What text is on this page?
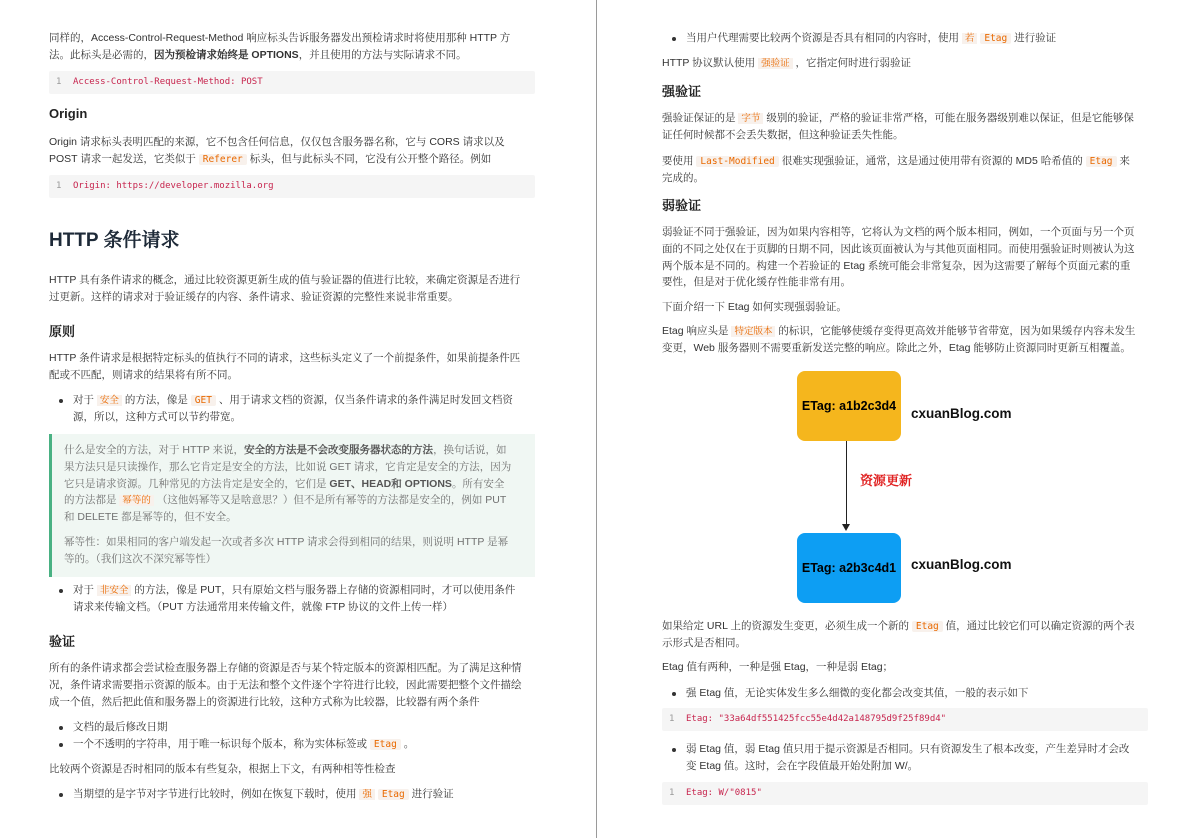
同样的，Access-Control-Request-Method 响应标头告诉服务器发出预检请求时将使用那种 HTTP 方
法。此标头是必需的，因为预检请求始终是 OPTIONS，并且使用的方法与实际请求不同。

1	Access-Control-Request-Method: POST
Origin

Origin 请求标头表明匹配的来源，它不包含任何信息，仅仅包含服务器名称，它与 CORS 请求以及
POST 请求一起发送，它类似于 Referer 标头，但与此标头不同，它没有公开整个路径。例如

1	Origin: https://developer.mozilla.org
HTTP 条件请求

HTTP 具有条件请求的概念，通过比较资源更新生成的值与验证器的值进行比较，来确定资源是否进行
过更新。这样的请求对于验证缓存的内容、条件请求、验证资源的完整性来说非常重要。

原则

HTTP 条件请求是根据特定标头的值执行不同的请求，这些标头定义了一个前提条件，如果前提条件匹
配或不匹配，则请求的结果将有所不同。

对于 安全 的方法，像是 GET 、用于请求文档的资源，仅当条件请求的条件满足时发回文档资
源，所以，这种方式可以节约带宽。
什么是安全的方法，对于 HTTP 来说，安全的方法是不会改变服务器状态的方法，换句话说，如
果方法只是只读操作，那么它肯定是安全的方法，比如说 GET 请求，它肯定是安全的方法，因为
它只是请求资源。几种常见的方法肯定是安全的，它们是 GET、HEAD和 OPTIONS。所有安全
的方法都是 幂等的 （这他妈幂等又是啥意思？）但不是所有幂等的方法都是安全的，例如 PUT
和 DELETE 都是幂等的，但不安全。
幂等性：如果相同的客户端发起一次或者多次 HTTP 请求会得到相同的结果，则说明 HTTP 是幂
等的。（我们这次不深究幂等性）
对于 非安全 的方法，像是 PUT，只有原始文档与服务器上存储的资源相同时，才可以使用条件
请求来传输文档。（PUT 方法通常用来传输文件，就像 FTP 协议的文件上传一样）
验证

所有的条件请求都会尝试检查服务器上存储的资源是否与某个特定版本的资源相匹配。为了满足这种情
况，条件请求需要指示资源的版本。由于无法和整个文件逐个字符进行比较，因此需要把整个文件描绘
成一个值，然后把此值和服务器上的资源进行比较，这种方式称为比较器，比较器有两个条件

文档的最后修改日期
一个不透明的字符串，用于唯一标识每个版本，称为实体标签或 Etag 。

比较两个资源是否时相同的版本有些复杂，根据上下文，有两种相等性检查

当期望的是字节对字节进行比较时，例如在恢复下载时，使用 强 Etag 进行验证
当用户代理需要比较两个资源是否具有相同的内容时，使用 若 Etag 进行验证

HTTP 协议默认使用 强验证 ，它指定何时进行弱验证

强验证

强验证保证的是 字节 级别的验证，严格的验证非常严格，可能在服务器级别难以保证，但是它能够保
证任何时候都不会丢失数据，但这种验证丢失性能。

要使用 Last-Modified 很难实现强验证，通常，这是通过使用带有资源的 MD5 哈希值的 Etag 来
完成的。

弱验证

弱验证不同于强验证，因为如果内容相等，它将认为文档的两个版本相同，例如，一个页面与另一个页
面的不同之处仅在于页脚的日期不同，因此该页面被认为与其他页面相同。而使用强验证时则被认为这
两个版本是不同的。构建一个若验证的 Etag 系统可能会非常复杂，因为这需要了解每个页面元素的重
要性，但是对于优化缓存性能非常有用。

下面介绍一下 Etag 如何实现强弱验证。

Etag 响应头是 特定版本 的标识，它能够使缓存变得更高效并能够节省带宽，因为如果缓存内容未发生
变更，Web 服务器则不需要重新发送完整的响应。除此之外，Etag 能够防止资源同时更新互相覆盖。

ETag: a1b2c3d4 cxuanBlog.com
资源更新
ETag: a2b3c4d1 cxuanBlog.com

如果给定 URL 上的资源发生变更，必须生成一个新的 Etag 值，通过比较它们可以确定资源的两个表
示形式是否相同。

Etag 值有两种，一种是强 Etag，一种是弱 Etag；

强 Etag 值，无论实体发生多么细微的变化都会改变其值，一般的表示如下
1	Etag: "33a64df551425fcc55e4d42a148795d9f25f89d4"
弱 Etag 值，弱 Etag 值只用于提示资源是否相同。只有资源发生了根本改变，产生差异时才会改
变 Etag 值。这时，会在字段值最开始处附加 W/。
1	Etag: W/"0815"
